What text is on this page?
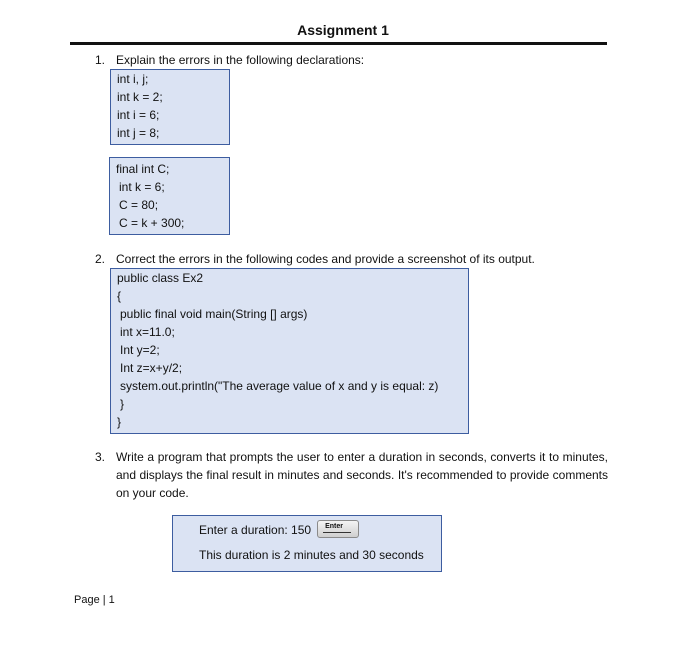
Assignment 1
1. Explain the errors in the following declarations:
int i, j;
int k = 2;
int i = 6;
int j = 8;
final int C;
int k = 6;
C = 80;
C = k + 300;
2. Correct the errors in the following codes and provide a screenshot of its output.
public class Ex2
{
public final void main(String [] args)
int x=11.0;
Int y=2;
Int z=x+y/2;
system.out.println("The average value of x and y is equal: z)
}
}
3. Write a program that prompts the user to enter a duration in seconds, converts it to minutes, and displays the final result in minutes and seconds. It's recommended to provide comments on your code.
Enter a duration: 150 Enter
This duration is 2 minutes and 30 seconds
Page | 1
